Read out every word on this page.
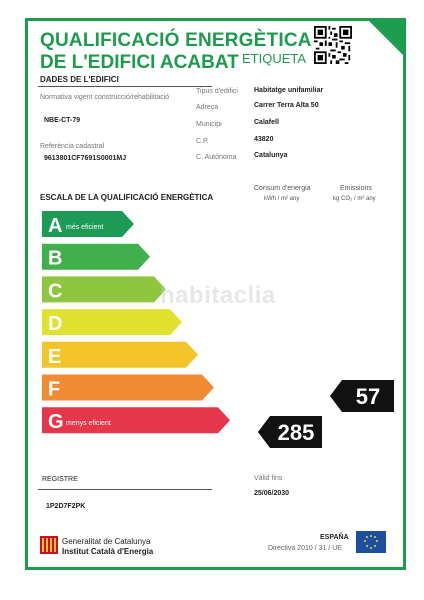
QUALIFICACIÓ ENERGÈTICA
DE L'EDIFICI ACABAT ETIQUETA
DADES DE L'EDIFICI
Normativa vigent construcció/rehabilitació
NBE-CT-79
Referència cadastral
9613801CF7691S0001MJ
Tipus d'edifici Habitatge unifamiliar
Adreça	Carrer Terra Alta 50
Municipi	Calafell
C.P.	43820
C. Autònoma	Catalunya
ESCALA DE LA QUALIFICACIÓ ENERGÈTICA
Consum d'energia
kWh / m² any
Emissions
kg CO₂ / m² any
A més eficient
B
C
D
E
F
G menys eficient
57
285
habitaclia
REGISTRE
1P2D7F2PK
Vàlid fins
25/06/2030
Generalitat de Catalunya
Institut Català d'Energia
ESPAÑA
Directiva 2010 / 31 / UE
